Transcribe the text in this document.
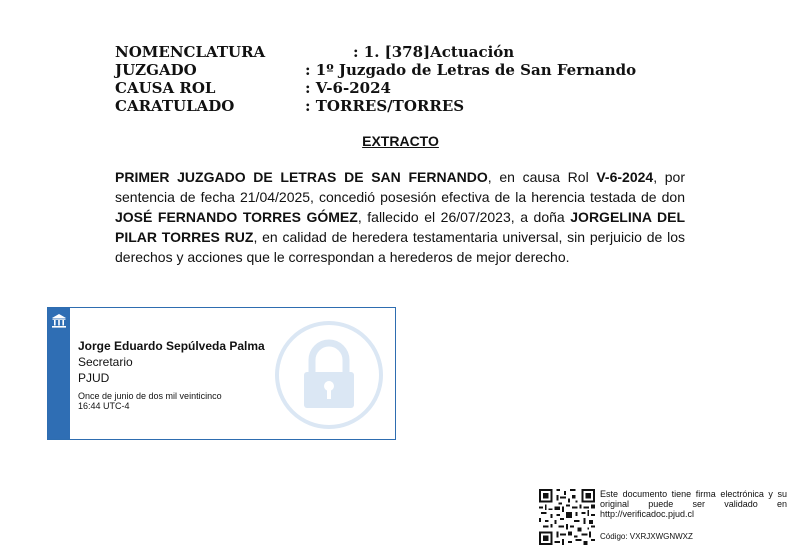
NOMENCLATURA	: 1. [378]Actuación
JUZGADO	: 1º Juzgado de Letras de San Fernando
CAUSA ROL	: V-6-2024
CARATULADO	: TORRES/TORRES
EXTRACTO

PRIMER JUZGADO DE LETRAS DE SAN FERNANDO, en causa Rol V-6-2024, por sentencia de fecha 21/04/2025, concedió posesión efectiva de la herencia testada de don JOSÉ FERNANDO TORRES GÓMEZ, fallecido el 26/07/2023, a doña JORGELINA DEL PILAR TORRES RUZ, en calidad de heredera testamentaria universal, sin perjuicio de los derechos y acciones que le correspondan a herederos de mejor derecho.

Jorge Eduardo Sepúlveda Palma
Secretario
PJUD
Once de junio de dos mil veinticinco
16:44 UTC-4
Este documento tiene firma electrónica y su original puede ser validado en http://verificadoc.pjud.cl
Código: VXRJXWGNWXZ
